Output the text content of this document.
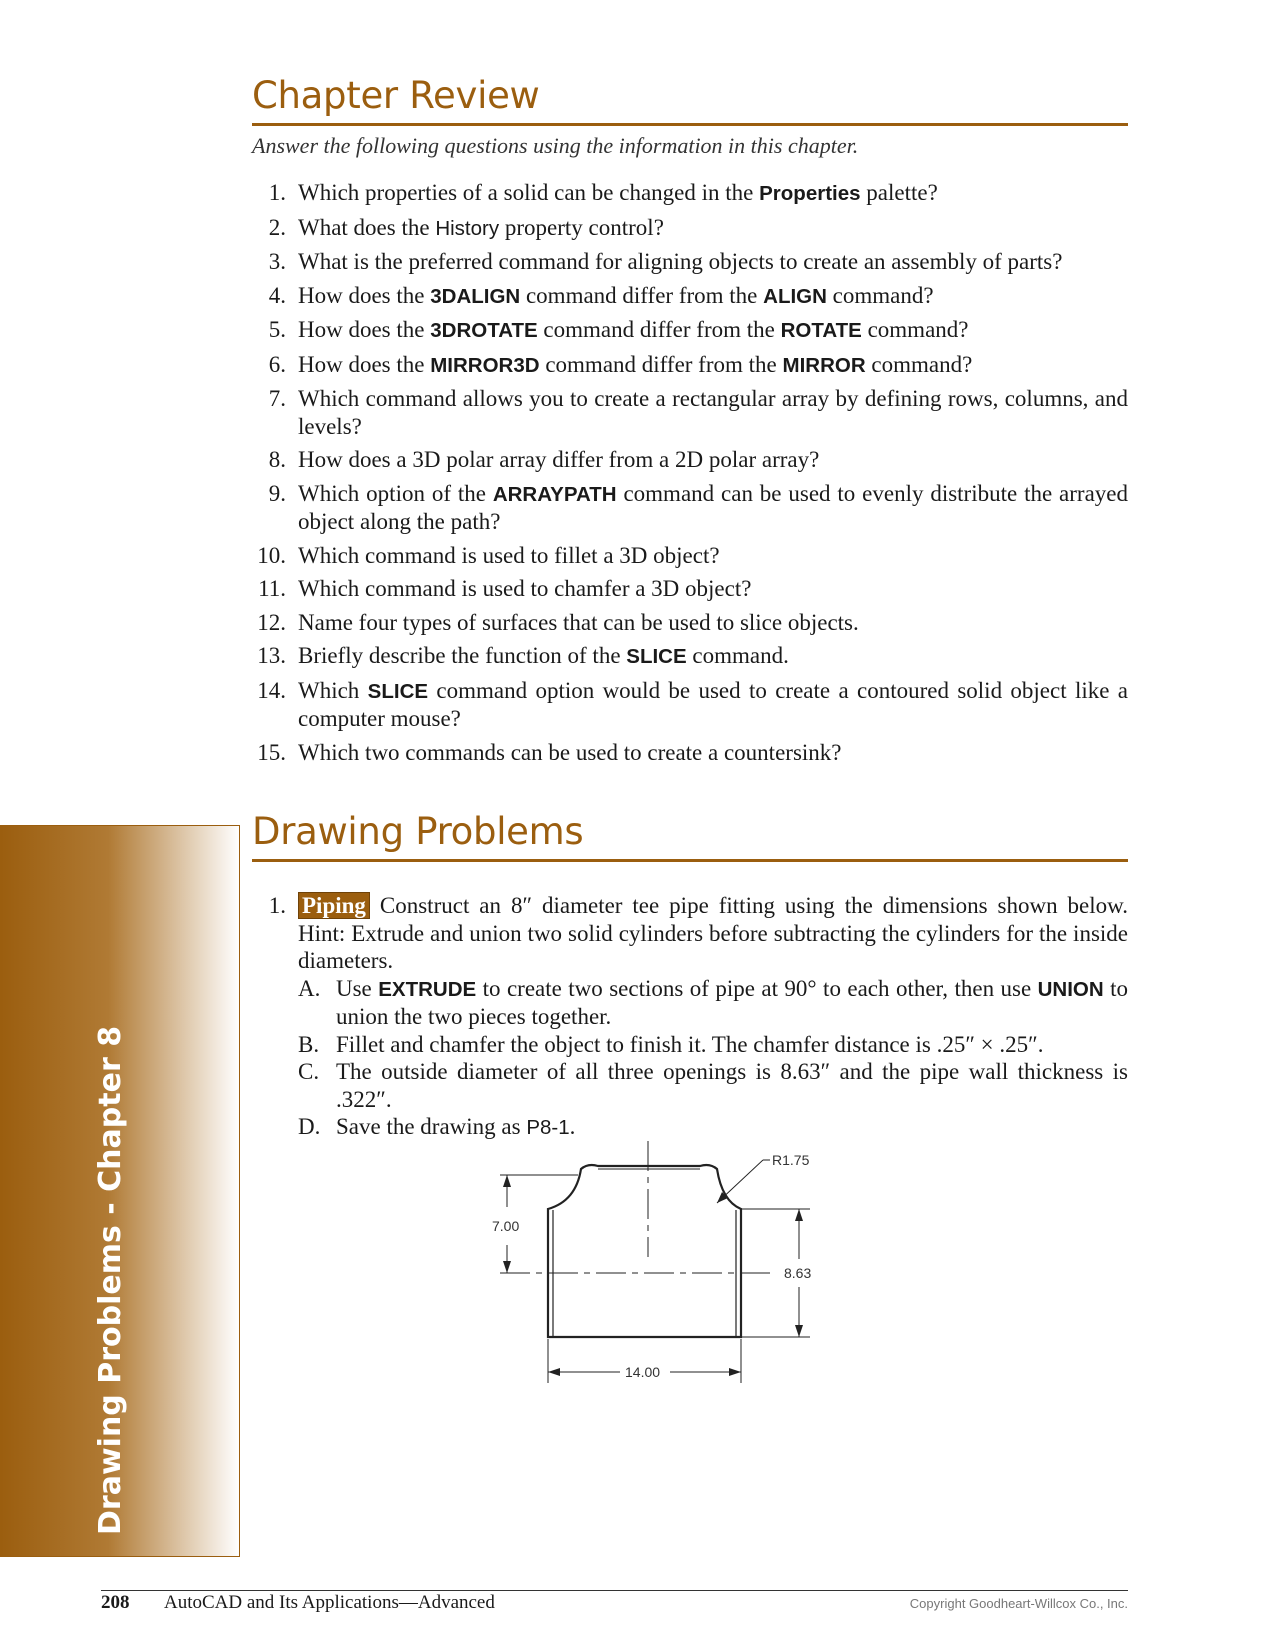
Chapter Review
Answer the following questions using the information in this chapter.
1. Which properties of a solid can be changed in the Properties palette?
2. What does the History property control?
3. What is the preferred command for aligning objects to create an assembly of parts?
4. How does the 3DALIGN command differ from the ALIGN command?
5. How does the 3DROTATE command differ from the ROTATE command?
6. How does the MIRROR3D command differ from the MIRROR command?
7. Which command allows you to create a rectangular array by defining rows, columns, and levels?
8. How does a 3D polar array differ from a 2D polar array?
9. Which option of the ARRAYPATH command can be used to evenly distribute the arrayed object along the path?
10. Which command is used to fillet a 3D object?
11. Which command is used to chamfer a 3D object?
12. Name four types of surfaces that can be used to slice objects.
13. Briefly describe the function of the SLICE command.
14. Which SLICE command option would be used to create a contoured solid object like a computer mouse?
15. Which two commands can be used to create a countersink?
Drawing Problems - Chapter 8
Drawing Problems
1. Piping Construct an 8″ diameter tee pipe fitting using the dimensions shown below. Hint: Extrude and union two solid cylinders before subtracting the cylinders for the inside diameters.
A. Use EXTRUDE to create two sections of pipe at 90° to each other, then use UNION to union the two pieces together.
B. Fillet and chamfer the object to finish it. The chamfer distance is .25″ × .25″.
C. The outside diameter of all three openings is 8.63″ and the pipe wall thickness is .322″.
D. Save the drawing as P8-1.
7.00
8.63
14.00
R1.75
208 AutoCAD and Its Applications—Advanced	Copyright Goodheart-Willcox Co., Inc.
